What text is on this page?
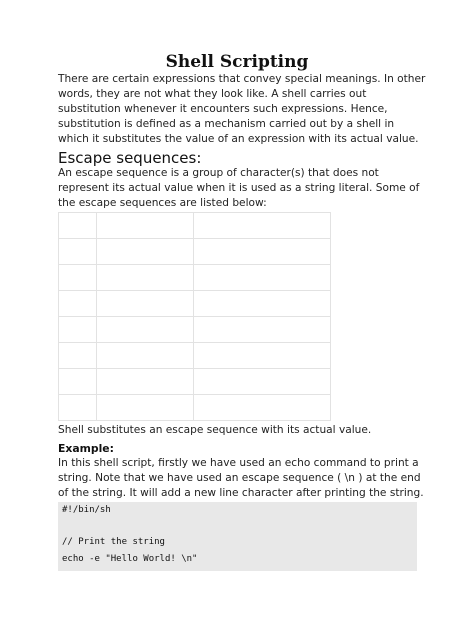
Shell Scripting
There are certain expressions that convey special meanings. In other words, they are not what they look like. A shell carries out substitution whenever it encounters such expressions. Hence, substitution is defined as a mechanism carried out by a shell in which it substitutes the value of an expression with its actual value.
Escape sequences:
An escape sequence is a group of character(s) that does not represent its actual value when it is used as a string literal. Some of the escape sequences are listed below:

Shell substitutes an escape sequence with its actual value.
Example:
In this shell script, firstly we have used an echo command to print a string. Note that we have used an escape sequence ( \n ) at the end of the string. It will add a new line character after printing the string.
#!/bin/sh
// Print the string
echo -e "Hello World! \n"
